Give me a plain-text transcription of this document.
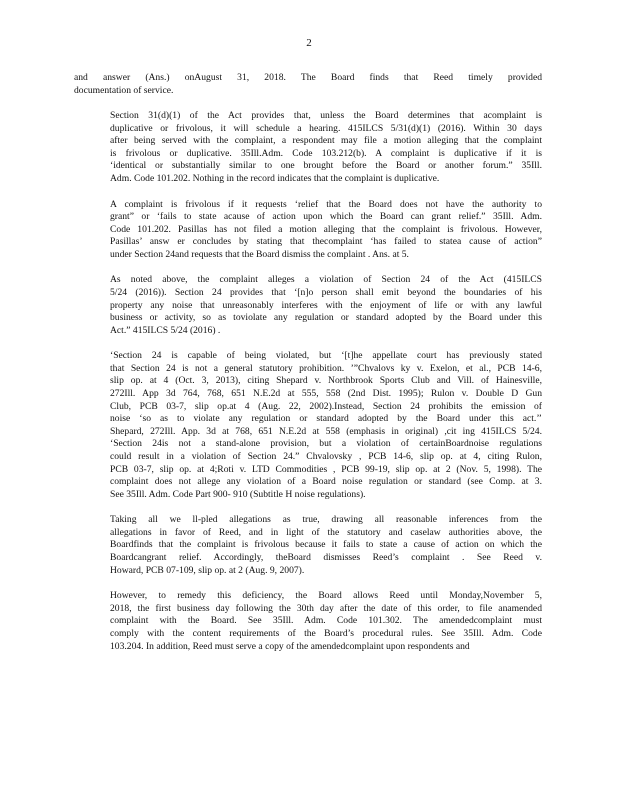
2

and answer (Ans.) onAugust 31, 2018. The Board finds that Reed timely provided
documentation of service.

Section 31(d)(1) of the Act provides that, unless the Board determines that acomplaint is
duplicative or frivolous, it will schedule a hearing. 415ILCS 5/31(d)(1) (2016). Within 30 days
after being served with the complaint, a respondent may file a motion alleging that the complaint
is frivolous or duplicative. 35Ill.Adm. Code 103.212(b). A complaint is duplicative if it is
‘identical or substantially similar to one brought before the Board or another forum.” 35Ill.
Adm. Code 101.202. Nothing in the record indicates that the complaint is duplicative.

A complaint is frivolous if it requests ‘relief that the Board does not have the authority to
grant” or ‘fails to state acause of action upon which the Board can grant relief.” 35Ill. Adm.
Code 101.202. Pasillas has not filed a motion alleging that the complaint is frivolous. However,
Pasillas’ answ er concludes by stating that thecomplaint ‘has failed to statea cause of action”
under Section 24and requests that the Board dismiss the complaint . Ans. at 5.

As noted above, the complaint alleges a violation of Section 24 of the Act (415ILCS
5/24 (2016)). Section 24 provides that ‘[n]o person shall emit beyond the boundaries of his
property any noise that unreasonably interferes with the enjoyment of life or with any lawful
business or activity, so as toviolate any regulation or standard adopted by the Board under this
Act.” 415ILCS 5/24 (2016) .

‘Section 24 is capable of being violated, but ‘[t]he appellate court has previously stated
that Section 24 is not a general statutory prohibition. ’”Chvalovs ky v. Exelon, et al., PCB 14-6,
slip op. at 4 (Oct. 3, 2013), citing Shepard v. Northbrook Sports Club and Vill. of Hainesville,
272Ill. App 3d 764, 768, 651 N.E.2d at 555, 558 (2nd Dist. 1995); Rulon v. Double D Gun
Club, PCB 03-7, slip op.at 4 (Aug. 22, 2002).Instead, Section 24 prohibits the emission of
noise ‘so as to violate any regulation or standard adopted by the Board under this act.’’
Shepard, 272Ill. App. 3d at 768, 651 N.E.2d at 558 (emphasis in original) ,cit ing 415ILCS 5/24.
‘Section 24is not a stand-alone provision, but a violation of certainBoardnoise regulations
could result in a violation of Section 24.” Chvalovsky , PCB 14-6, slip op. at 4, citing Rulon,
PCB 03-7, slip op. at 4;Roti v. LTD Commodities , PCB 99-19, slip op. at 2 (Nov. 5, 1998). The
complaint does not allege any violation of a Board noise regulation or standard (see Comp. at 3.
See 35Ill. Adm. Code Part 900- 910 (Subtitle H noise regulations).

Taking all we ll-pled allegations as true, drawing all reasonable inferences from the
allegations in favor of Reed, and in light of the statutory and caselaw authorities above, the
Boardfinds that the complaint is frivolous because it fails to state a cause of action on which the
Boardcangrant relief. Accordingly, theBoard dismisses Reed’s complaint . See Reed v.
Howard, PCB 07-109, slip op. at 2 (Aug. 9, 2007).

However, to remedy this deficiency, the Board allows Reed until Monday,November 5,
2018, the first business day following the 30th day after the date of this order, to file anamended
complaint with the Board. See 35Ill. Adm. Code 101.302. The amendedcomplaint must
comply with the content requirements of the Board’s procedural rules. See 35Ill. Adm. Code
103.204. In addition, Reed must serve a copy of the amendedcomplaint upon respondents and
